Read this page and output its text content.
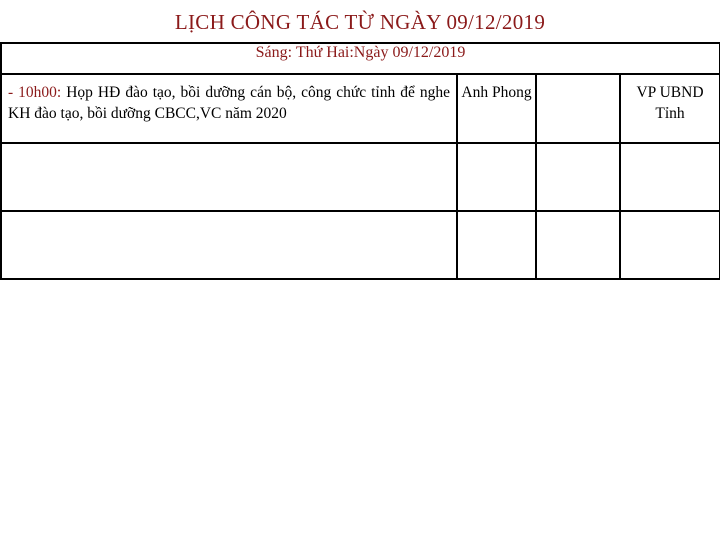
LỊCH CÔNG TÁC TỪ NGÀY 09/12/2019
Sáng: Thứ Hai:Ngày 09/12/2019			
- 10h00: Họp HĐ đào tạo, bồi dưỡng cán bộ, công chức tỉnh để nghe KH đào tạo, bồi dưỡng CBCC,VC năm 2020	Anh Phong		VP UBND Tỉnh
